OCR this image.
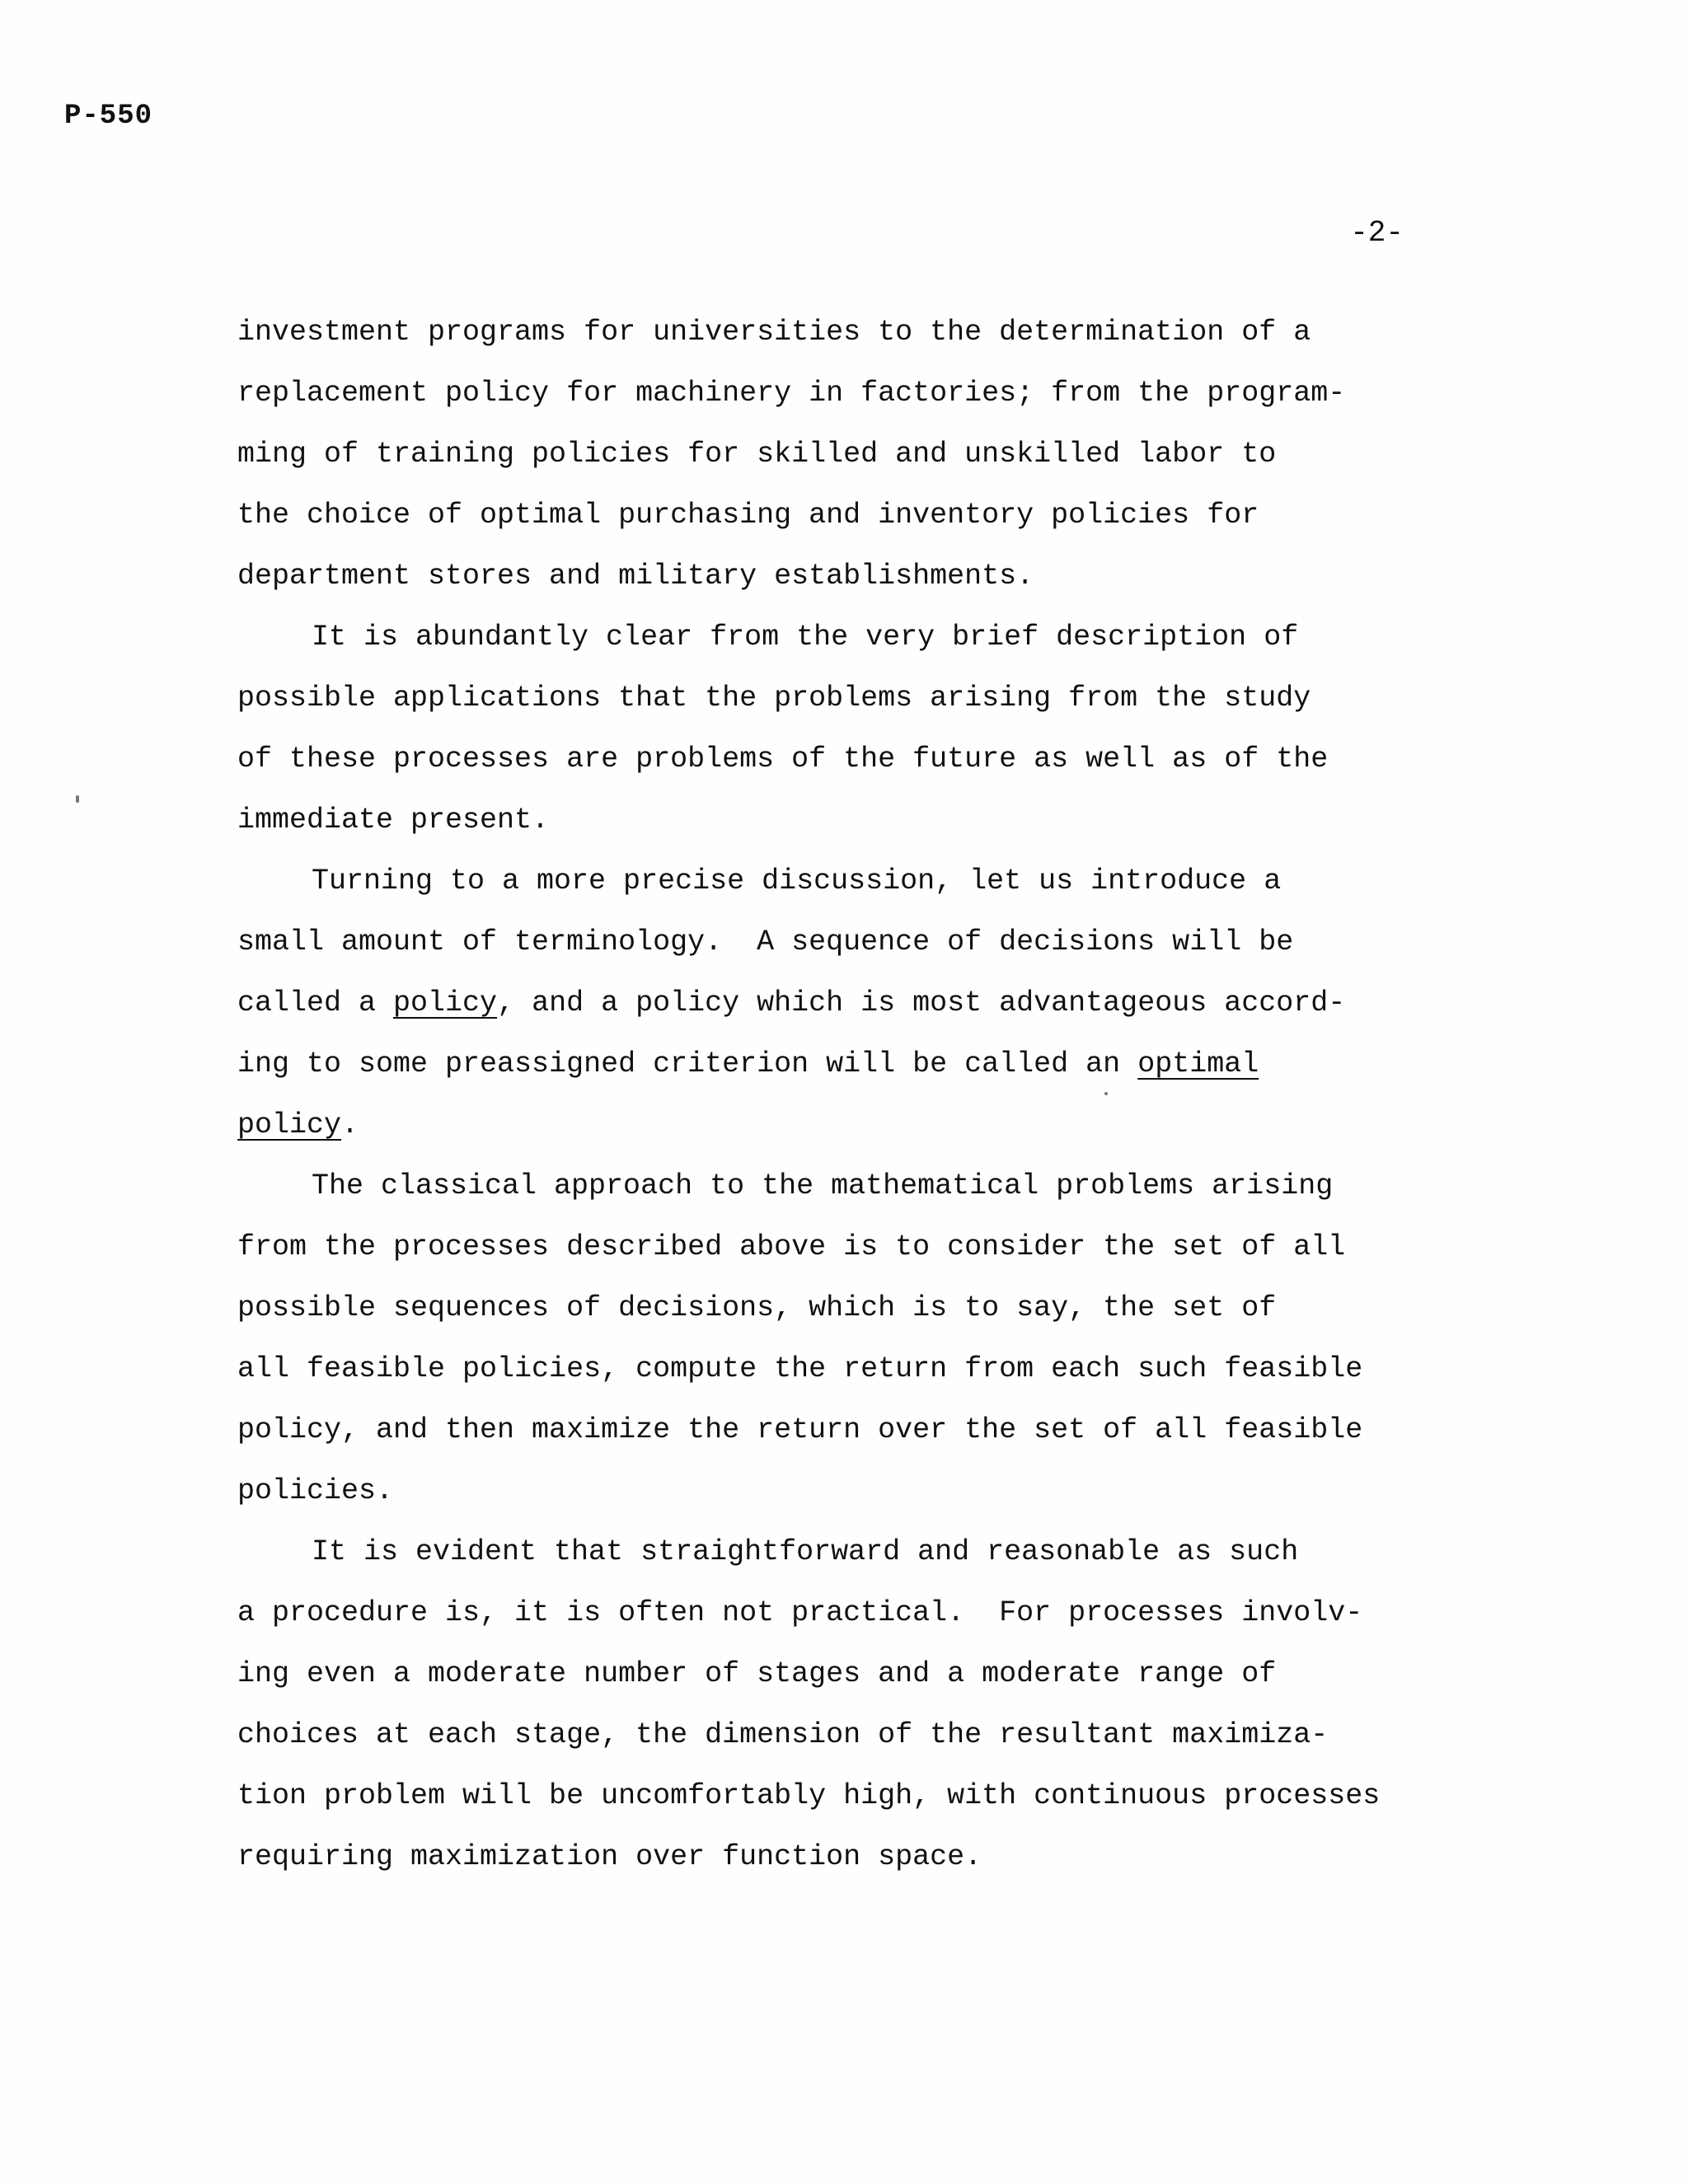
P-550
-2-
investment programs for universities to the determination of a
replacement policy for machinery in factories; from the program-
ming of training policies for skilled and unskilled labor to
the choice of optimal purchasing and inventory policies for
department stores and military establishments.
It is abundantly clear from the very brief description of
possible applications that the problems arising from the study
of these processes are problems of the future as well as of the
immediate present.
Turning to a more precise discussion, let us introduce a
small amount of terminology.  A sequence of decisions will be
called a policy, and a policy which is most advantageous accord-
ing to some preassigned criterion will be called an optimal
policy.
The classical approach to the mathematical problems arising
from the processes described above is to consider the set of all
possible sequences of decisions, which is to say, the set of
all feasible policies, compute the return from each such feasible
policy, and then maximize the return over the set of all feasible
policies.
It is evident that straightforward and reasonable as such
a procedure is, it is often not practical.  For processes involv-
ing even a moderate number of stages and a moderate range of
choices at each stage, the dimension of the resultant maximiza-
tion problem will be uncomfortably high, with continuous processes
requiring maximization over function space.
